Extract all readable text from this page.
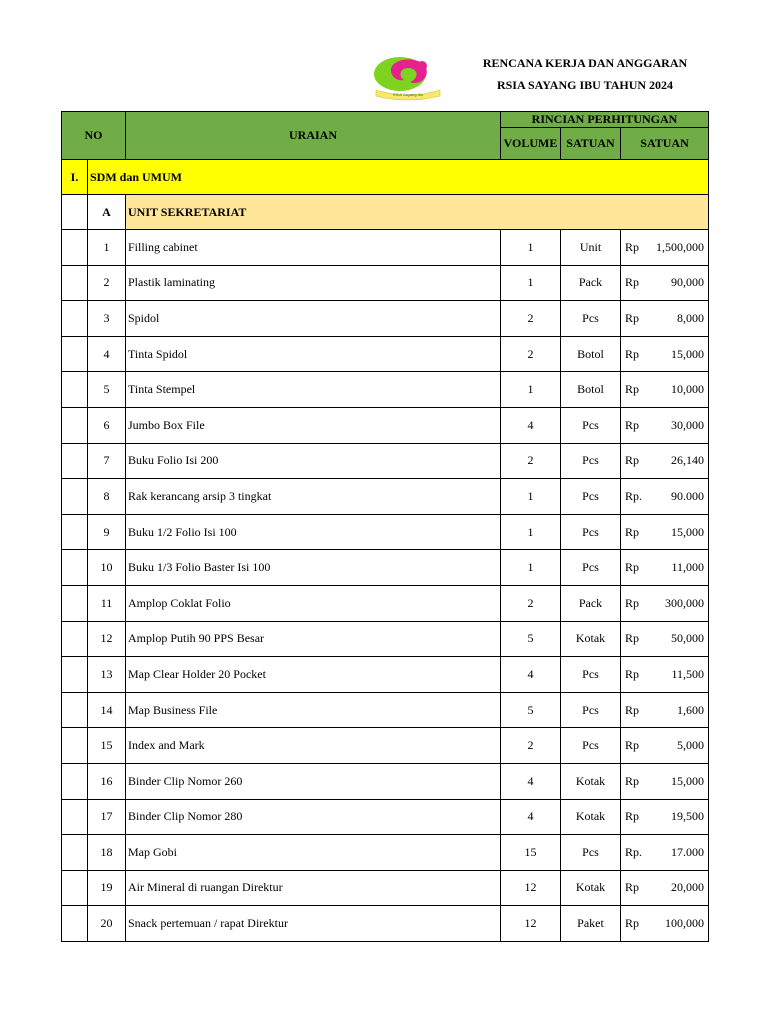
RSIA Sayang Ibu
RENCANA KERJA DAN ANGGARAN
RSIA SAYANG IBU TAHUN 2024
NO		URAIAN	RINCIAN PERHITUNGAN		
			VOLUME	SATUAN	SATUAN
I.	SDM dan UMUM				
	A	UNIT SEKRETARIAT			
	1	Filling cabinet	1	Unit	Rp 1,500,000

	2	Plastik laminating	1	Pack	Rp 90,000

	3	Spidol	2	Pcs	Rp 8,000

	4	Tinta Spidol	2	Botol	Rp 15,000

	5	Tinta Stempel	1	Botol	Rp 10,000

	6	Jumbo Box File	4	Pcs	Rp 30,000

	7	Buku Folio Isi 200	2	Pcs	Rp 26,140

	8	Rak kerancang arsip 3 tingkat	1	Pcs	Rp. 90.000

	9	Buku 1/2 Folio Isi 100	1	Pcs	Rp 15,000

	10	Buku 1/3 Folio Baster Isi 100	1	Pcs	Rp 11,000

	11	Amplop Coklat Folio	2	Pack	Rp 300,000

	12	Amplop Putih 90 PPS Besar	5	Kotak	Rp 50,000

	13	Map Clear Holder 20 Pocket	4	Pcs	Rp 11,500

	14	Map Business File	5	Pcs	Rp 1,600

	15	Index and Mark	2	Pcs	Rp 5,000

	16	Binder Clip Nomor 260	4	Kotak	Rp 15,000

	17	Binder Clip Nomor 280	4	Kotak	Rp 19,500

	18	Map Gobi	15	Pcs	Rp. 17.000

	19	Air Mineral di ruangan Direktur	12	Kotak	Rp 20,000

	20	Snack pertemuan / rapat Direktur	12	Paket	Rp 100,000
